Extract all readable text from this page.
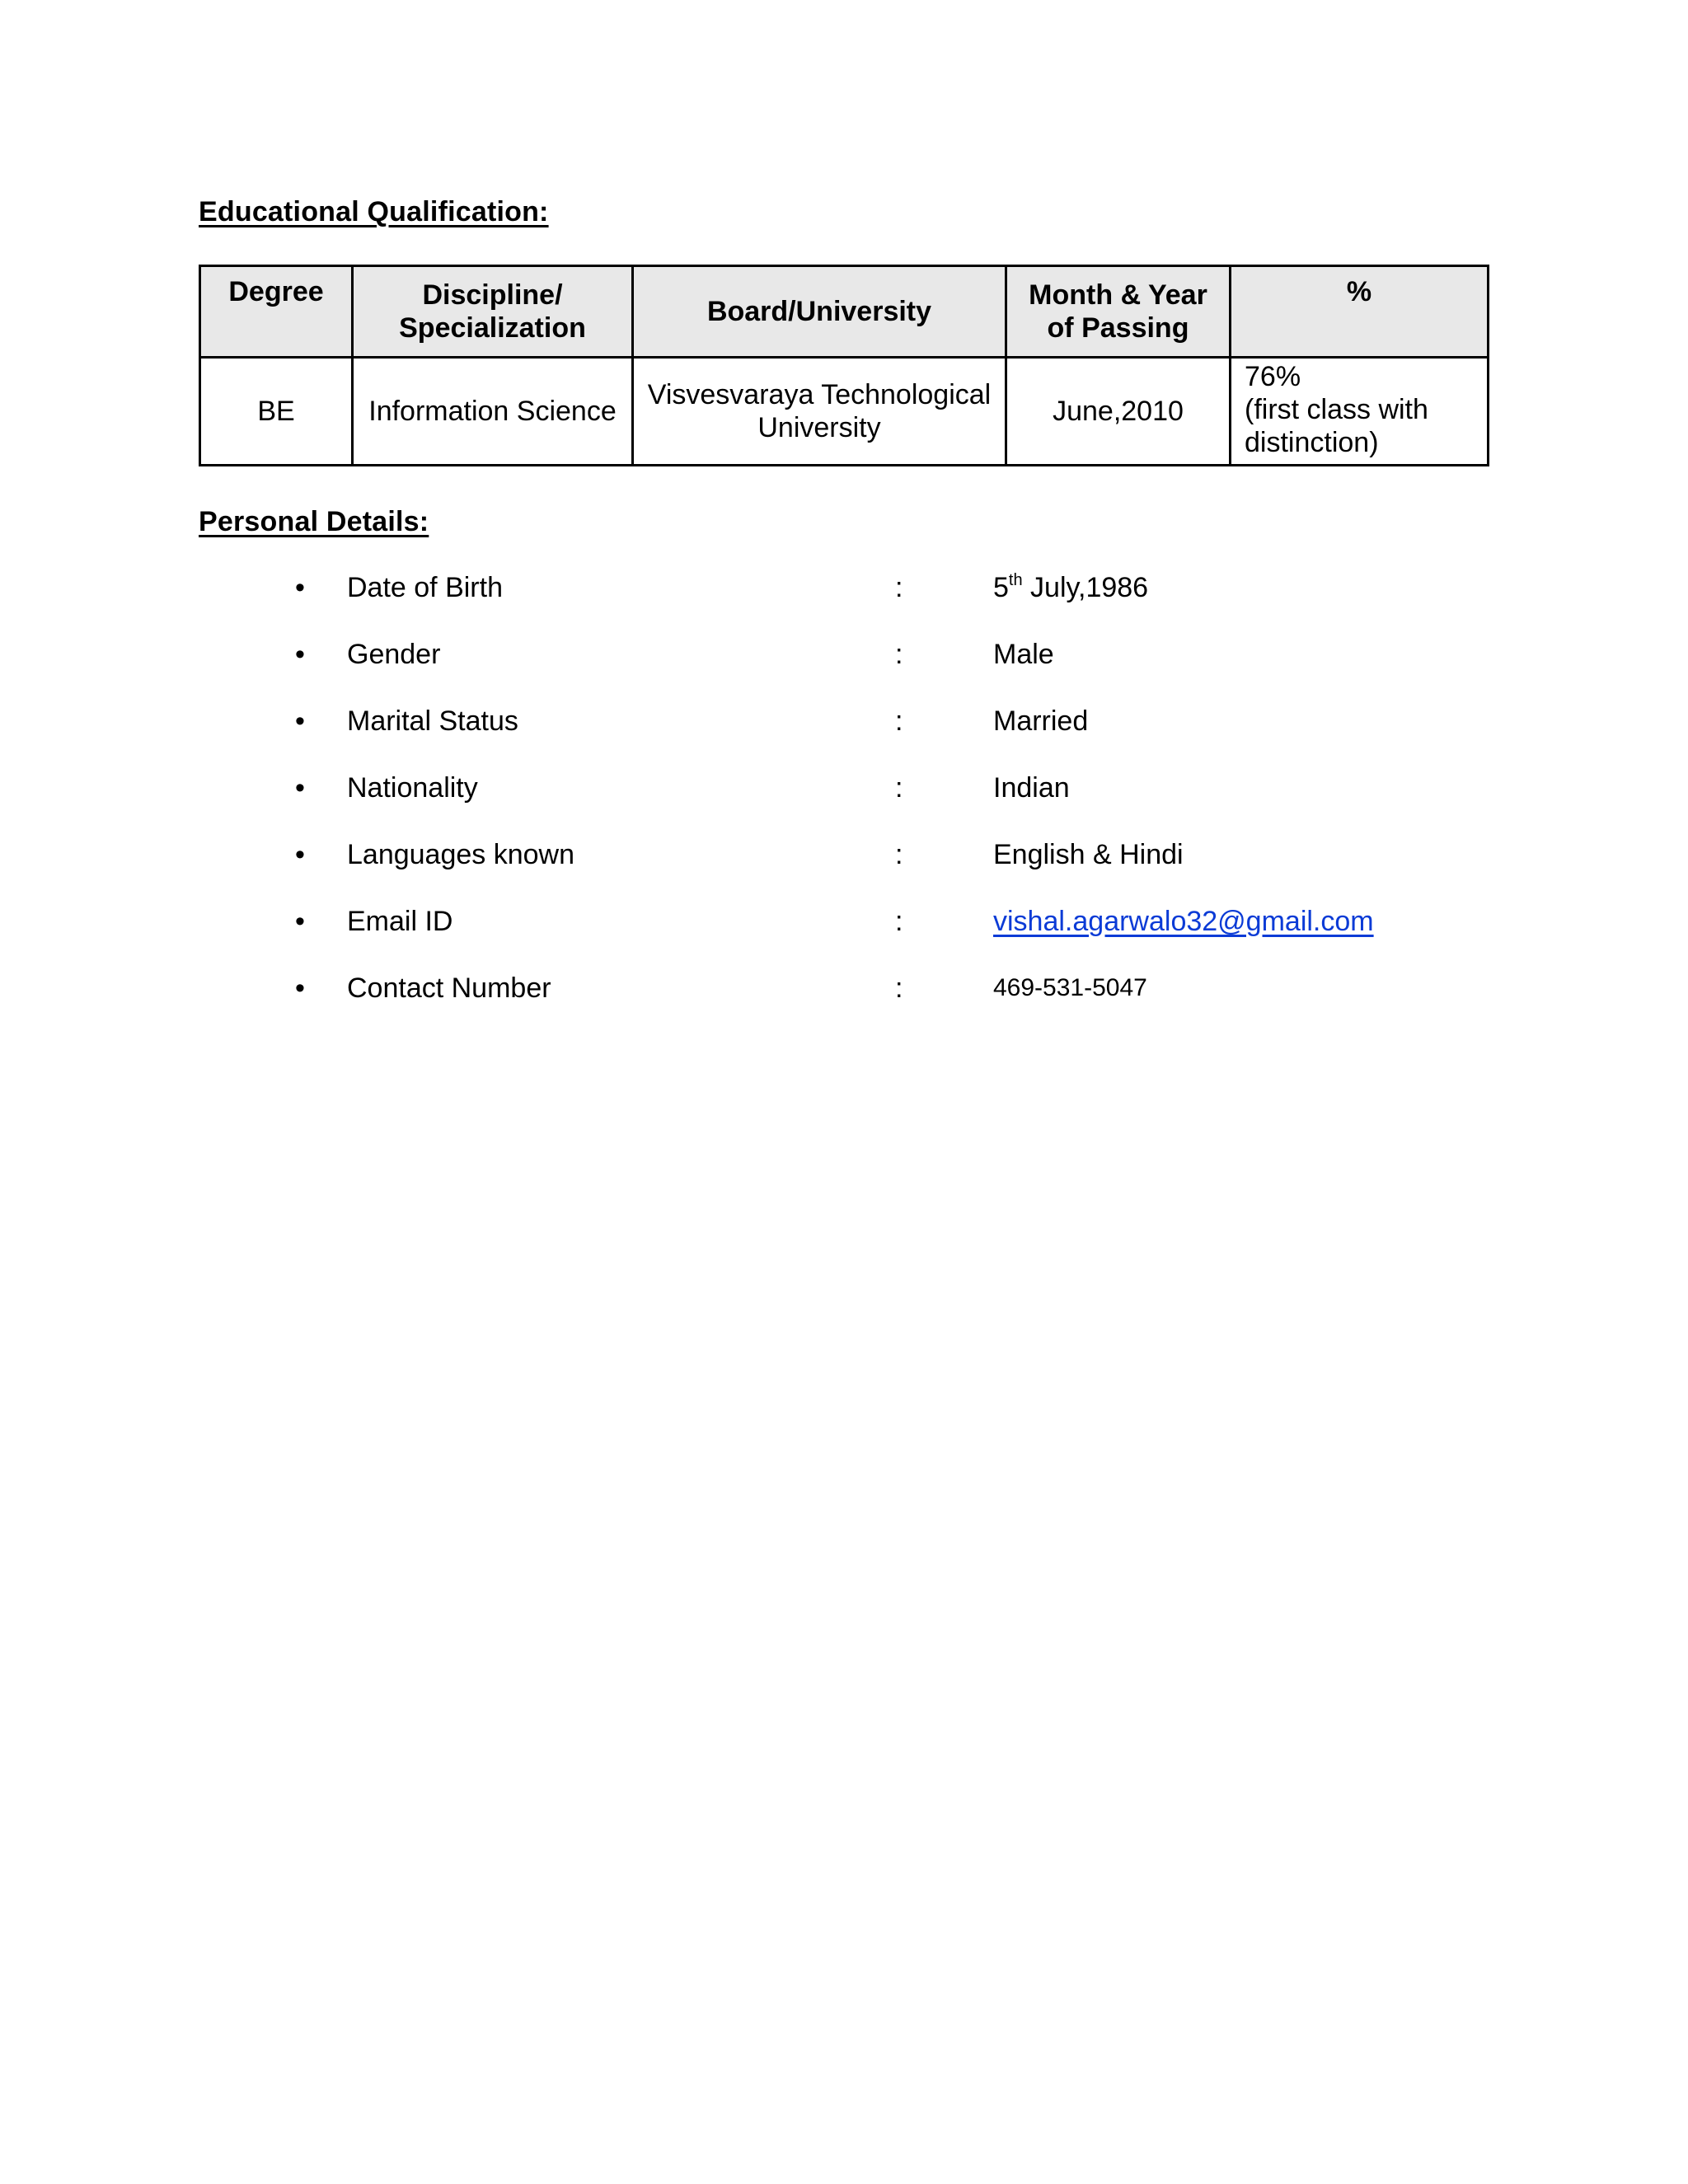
Educational Qualification:
Degree	Discipline/ Specialization	Board/University	Month & Year of Passing	%
BE	Information Science	Visvesvaraya Technological University	June,2010	76%
(first class with distinction)
Personal Details:
• Date of Birth	:	5th July,1986
• Gender	:	Male
• Marital Status	:	Married
• Nationality	:	Indian
• Languages known	:	English & Hindi
• Email ID	:	vishal.agarwalo32@gmail.com
• Contact Number	:	469-531-5047
